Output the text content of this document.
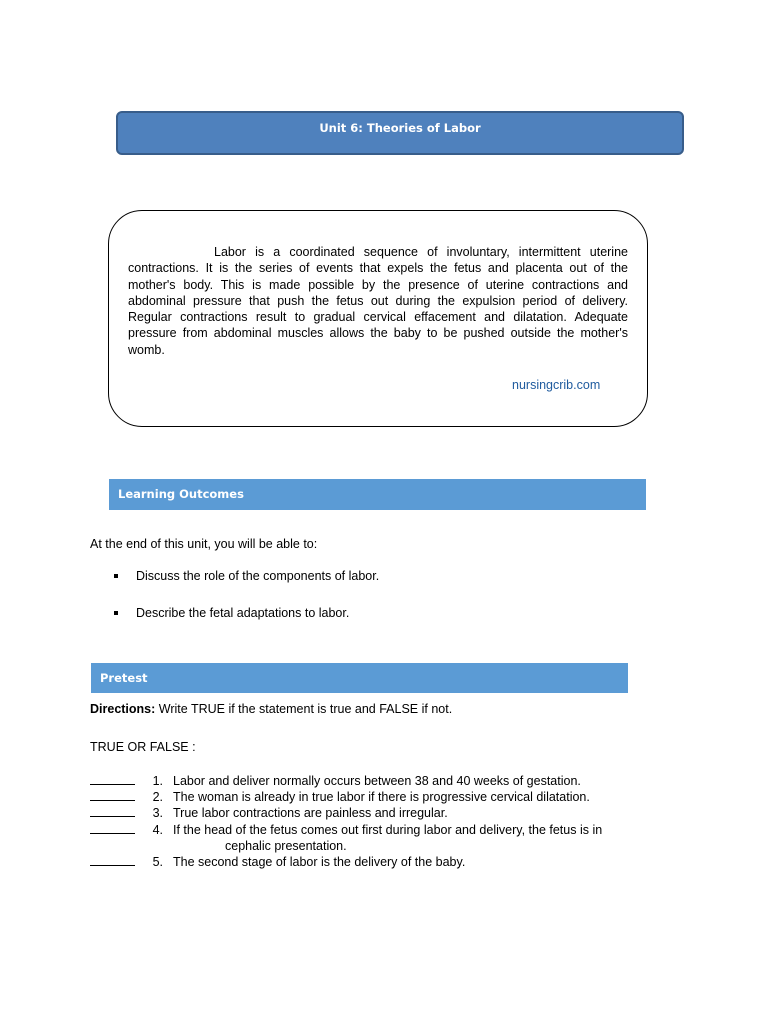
Unit 6: Theories of Labor

Labor is a coordinated sequence of involuntary, intermittent uterine contractions. It is the series of events that expels the fetus and placenta out of the mother's body. This is made possible by the presence of uterine contractions and abdominal pressure that push the fetus out during the expulsion period of delivery. Regular contractions result to gradual cervical effacement and dilatation. Adequate pressure from abdominal muscles allows the baby to be pushed outside the mother's womb.

nursingcrib.com
Learning Outcomes
At the end of this unit, you will be able to:
Discuss the role of the components of labor.
Describe the fetal adaptations to labor.
Pretest
Directions: Write TRUE if the statement is true and FALSE if not.
TRUE OR FALSE :
1. Labor and deliver normally occurs between 38 and 40 weeks of gestation.
2. The woman is already in true labor if there is progressive cervical dilatation.
3. True labor contractions are painless and irregular.
4. If the head of the fetus comes out first during labor and delivery, the fetus is in
cephalic presentation.
5. The second stage of labor is the delivery of the baby.
